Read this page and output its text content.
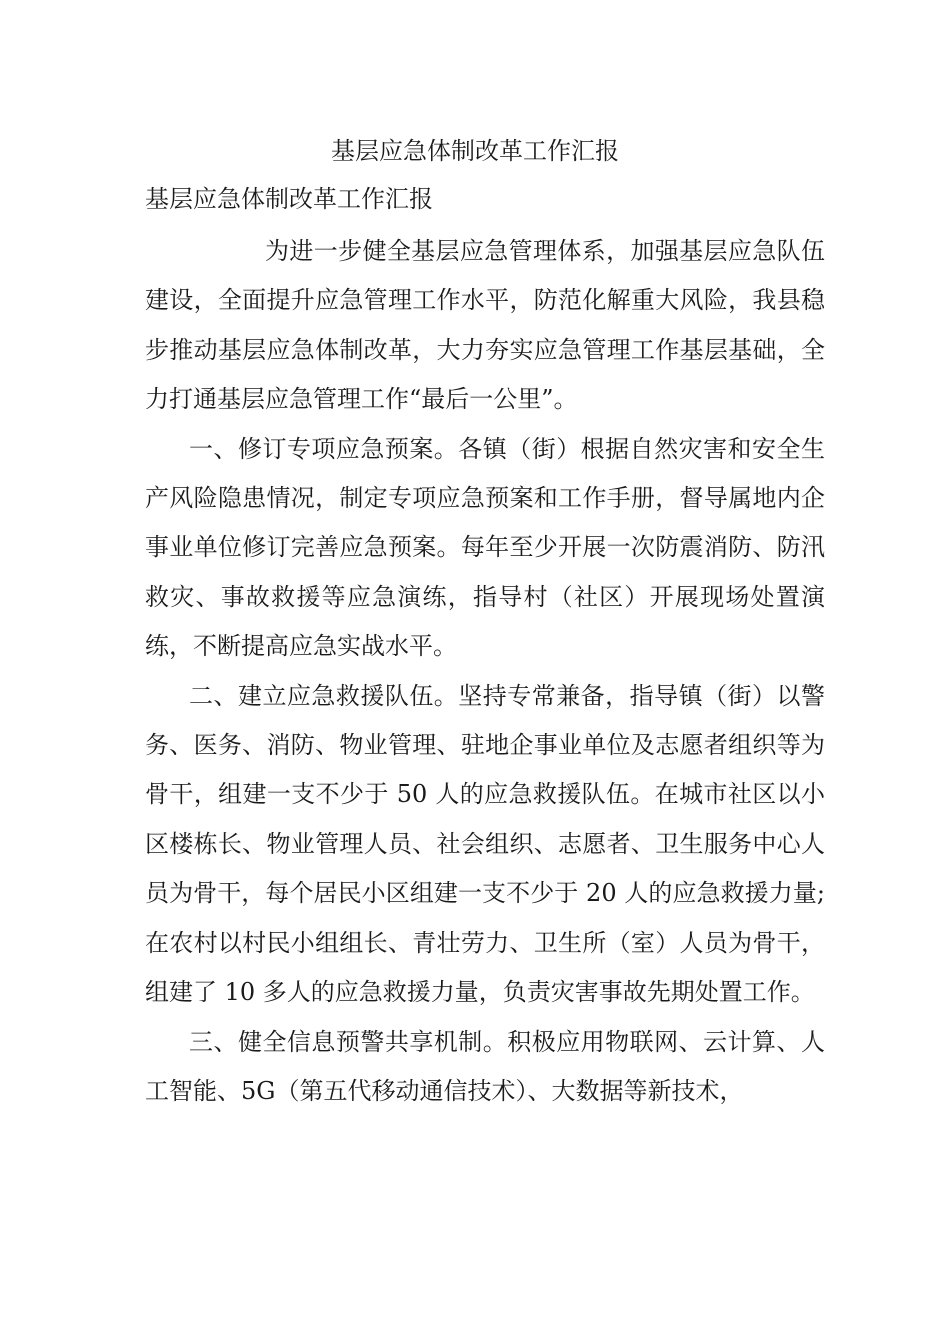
基层应急体制改革工作汇报
基层应急体制改革工作汇报

为进一步健全基层应急管理体系，加强基层应急队伍建设，全面提升应急管理工作水平，防范化解重大风险，我县稳步推动基层应急体制改革，大力夯实应急管理工作基层基础，全力打通基层应急管理工作“最后一公里”。

一、修订专项应急预案。各镇（街）根据自然灾害和安全生产风险隐患情况，制定专项应急预案和工作手册，督导属地内企事业单位修订完善应急预案。每年至少开展一次防震消防、防汛救灾、事故救援等应急演练，指导村（社区）开展现场处置演练，不断提高应急实战水平。

二、建立应急救援队伍。坚持专常兼备，指导镇（街）以警务、医务、消防、物业管理、驻地企事业单位及志愿者组织等为骨干，组建一支不少于 50 人的应急救援队伍。在城市社区以小区楼栋长、物业管理人员、社会组织、志愿者、卫生服务中心人员为骨干，每个居民小区组建一支不少于 20 人的应急救援力量;在农村以村民小组组长、青壮劳力、卫生所（室）人员为骨干，组建了 10 多人的应急救援力量，负责灾害事故先期处置工作。

三、健全信息预警共享机制。积极应用物联网、云计算、人工智能、5G（第五代移动通信技术）、大数据等新技术，
